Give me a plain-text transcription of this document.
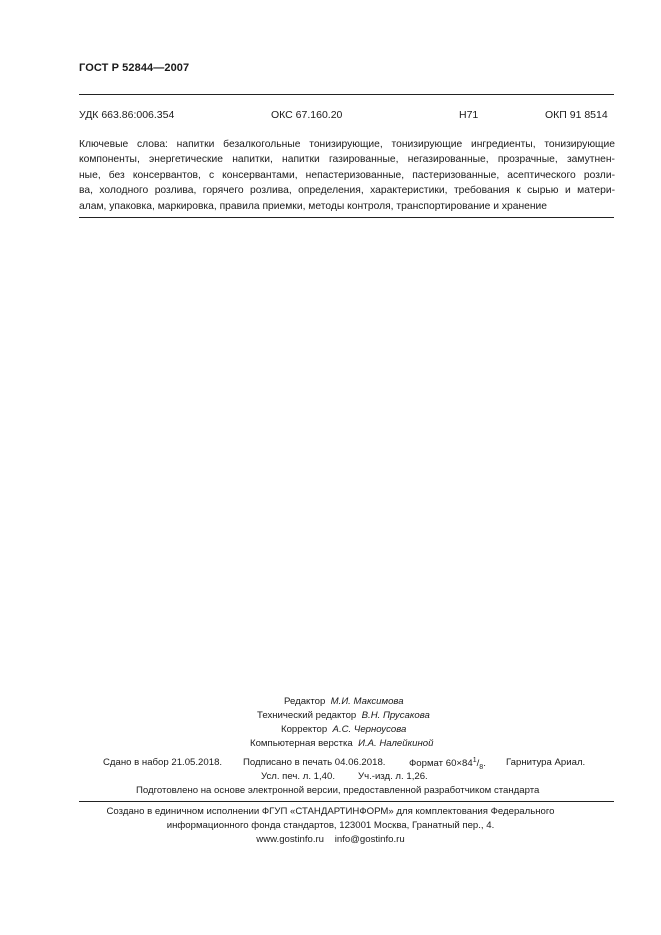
ГОСТ Р 52844—2007
УДК 663.86:006.354	ОКС 67.160.20	Н71	ОКП 91 8514
Ключевые слова: напитки безалкогольные тонизирующие, тонизирующие ингредиенты, тонизирующие
компоненты, энергетические напитки, напитки газированные, негазированные, прозрачные, замутнен-
ные, без консервантов, с консервантами, непастеризованные, пастеризованные, асептического розли-
ва, холодного розлива, горячего розлива, определения, характеристики, требования к сырью и матери-
алам, упаковка, маркировка, правила приемки, методы контроля, транспортирование и хранение
Редактор М.И. Максимова
Технический редактор В.Н. Прусакова
Корректор А.С. Черноусова
Компьютерная верстка И.А. Налейкиной
Сдано в набор 21.05.2018. Подписано в печать 04.06.2018. Формат $60\times 84^1/_8$. Гарнитура Ариал.
Усл. печ. л. 1,40. Уч.-изд. л. 1,26.
Подготовлено на основе электронной версии, предоставленной разработчиком стандарта
Создано в единичном исполнении ФГУП «СТАНДАРТИНФОРМ» для комплектования Федерального
информационного фонда стандартов, 123001 Москва, Гранатный пер., 4.
www.gostinfo.ru info@gostinfo.ru
